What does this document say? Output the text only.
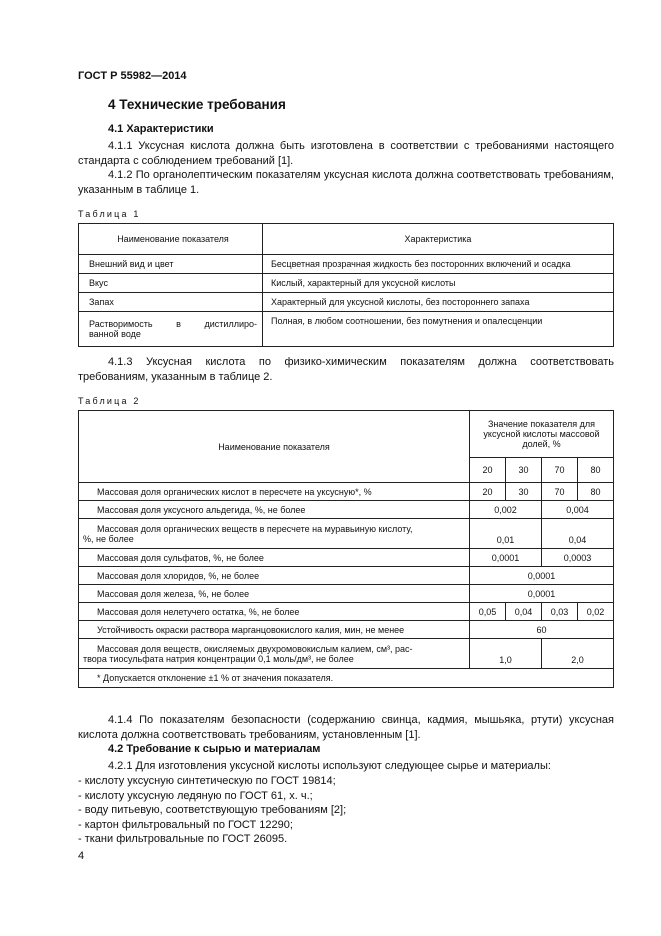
ГОСТ Р 55982—2014
4 Технические требования
4.1 Характеристики
4.1.1 Уксусная кислота должна быть изготовлена в соответствии с требованиями настоящего стандарта с соблюдением требований [1].
4.1.2 По органолептическим показателям уксусная кислота должна соответствовать требованиям, указанным в таблице 1.
Таблица 1
Наименование показателя	Характеристика
Внешний вид и цвет	Бесцветная прозрачная жидкость без посторонних включений и осадка
Вкус	Кислый, характерный для уксусной кислоты
Запах	Характерный для уксусной кислоты, без постороннего запаха

Растворимость в дистиллиро-
ванной воде	Полная, в любом соотношении, без помутнения и опалесценции
4.1.3 Уксусная кислота по физико-химическим показателям должна соответствовать требованиям, указанным в таблице 2.
Таблица 2
Наименование показателя	Значение показателя для уксусной кислоты массовой долей, %			
	20	30	70	80
Массовая доля органических кислот в пересчете на уксусную*, %	20	30	70	80
Массовая доля уксусного альдегида, %, не более	0,002		0,004	

Массовая доля органических веществ в пересчете на муравьиную кислоту,
%, не более	0,01		0,04	
Массовая доля сульфатов, %, не более	0,0001		0,0003	
Массовая доля хлоридов, %, не более	0,0001			
Массовая доля железа, %, не более	0,0001			
Массовая доля нелетучего остатка, %, не более	0,05	0,04	0,03	0,02
Устойчивость окраски раствора марганцовокислого калия, мин, не менее	60			

Массовая доля веществ, окисляемых двухромовокислым калием, см³, рас-
твора тиосульфата натрия концентрации 0,1 моль/дм³, не более	1,0		2,0	
* Допускается отклонение ±1 % от значения показателя.				
4.1.4 По показателям безопасности (содержанию свинца, кадмия, мышьяка, ртути) уксусная кислота должна соответствовать требованиям, установленным [1].
4.2 Требование к сырью и материалам
4.2.1 Для изготовления уксусной кислоты используют следующее сырье и материалы:
- кислоту уксусную синтетическую по ГОСТ 19814;
- кислоту уксусную ледяную по ГОСТ 61, х. ч.;
- воду питьевую, соответствующую требованиям [2];
- картон фильтровальный по ГОСТ 12290;
- ткани фильтровальные по ГОСТ 26095.
4
